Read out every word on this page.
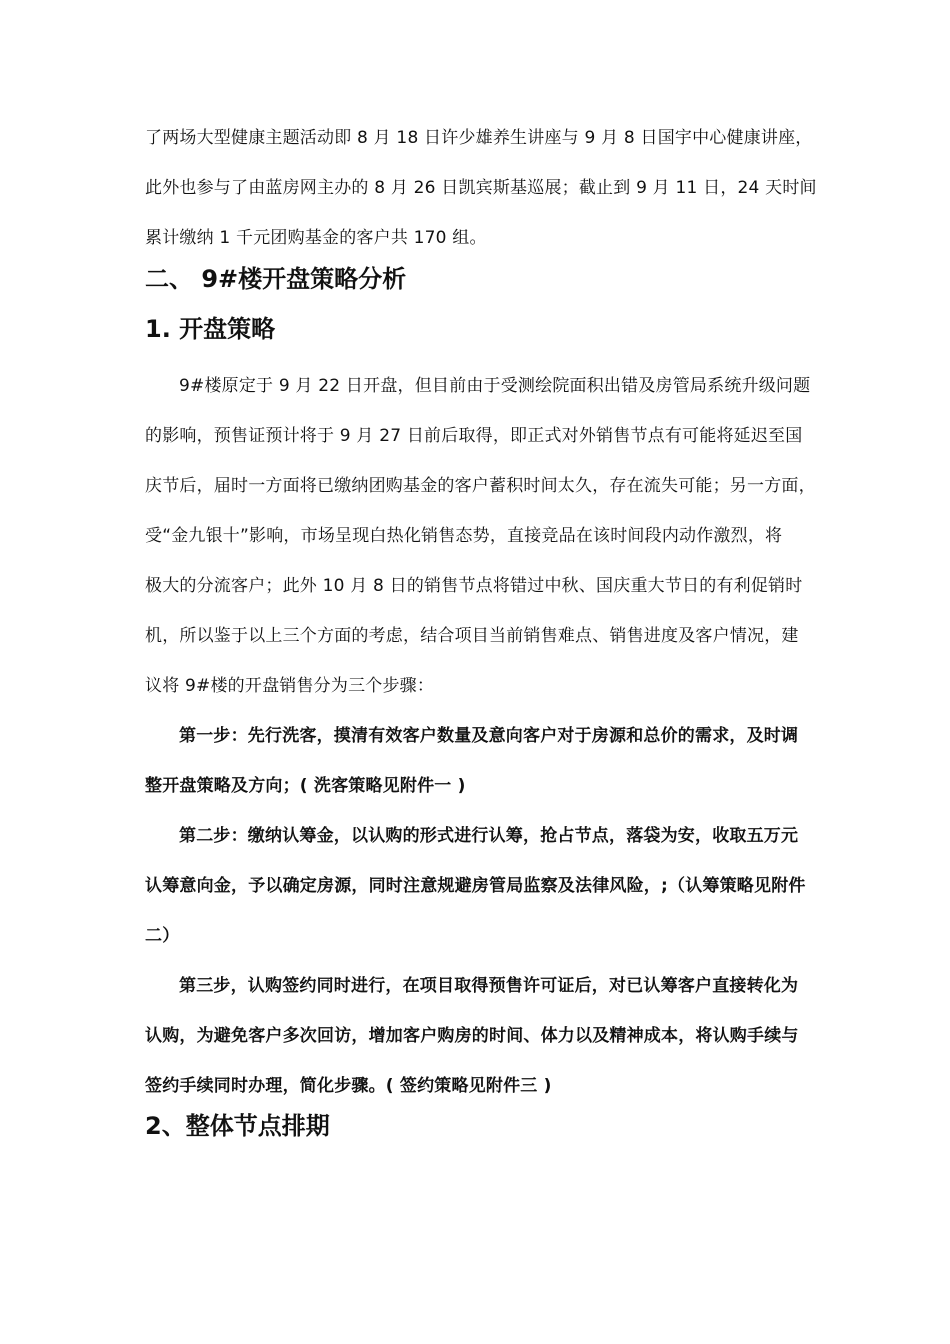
了两场大型健康主题活动即 8 月 18 日许少雄养生讲座与 9 月 8 日国宇中心健康讲座，
此外也参与了由蓝房网主办的 8 月 26 日凯宾斯基巡展；截止到 9 月 11 日，24 天时间
累计缴纳 1 千元团购基金的客户共 170 组。
二、 9#楼开盘策略分析
1. 开盘策略
9#楼原定于 9 月 22 日开盘，但目前由于受测绘院面积出错及房管局系统升级问题
的影响，预售证预计将于 9 月 27 日前后取得，即正式对外销售节点有可能将延迟至国
庆节后，届时一方面将已缴纳团购基金的客户蓄积时间太久，存在流失可能；另一方面，
受“金九银十”影响，市场呈现白热化销售态势，直接竞品在该时间段内动作激烈，将
极大的分流客户；此外 10 月 8 日的销售节点将错过中秋、国庆重大节日的有利促销时
机，所以鉴于以上三个方面的考虑，结合项目当前销售难点、销售进度及客户情况，建
议将 9#楼的开盘销售分为三个步骤：
第一步：先行洗客，摸清有效客户数量及意向客户对于房源和总价的需求，及时调
整开盘策略及方向；( 洗客策略见附件一 )
第二步：缴纳认筹金，以认购的形式进行认筹，抢占节点，落袋为安，收取五万元
认筹意向金，予以确定房源，同时注意规避房管局监察及法律风险，;（认筹策略见附件
二）
第三步，认购签约同时进行，在项目取得预售许可证后，对已认筹客户直接转化为
认购，为避免客户多次回访，增加客户购房的时间、体力以及精神成本，将认购手续与
签约手续同时办理，简化步骤。( 签约策略见附件三 )
2、整体节点排期
